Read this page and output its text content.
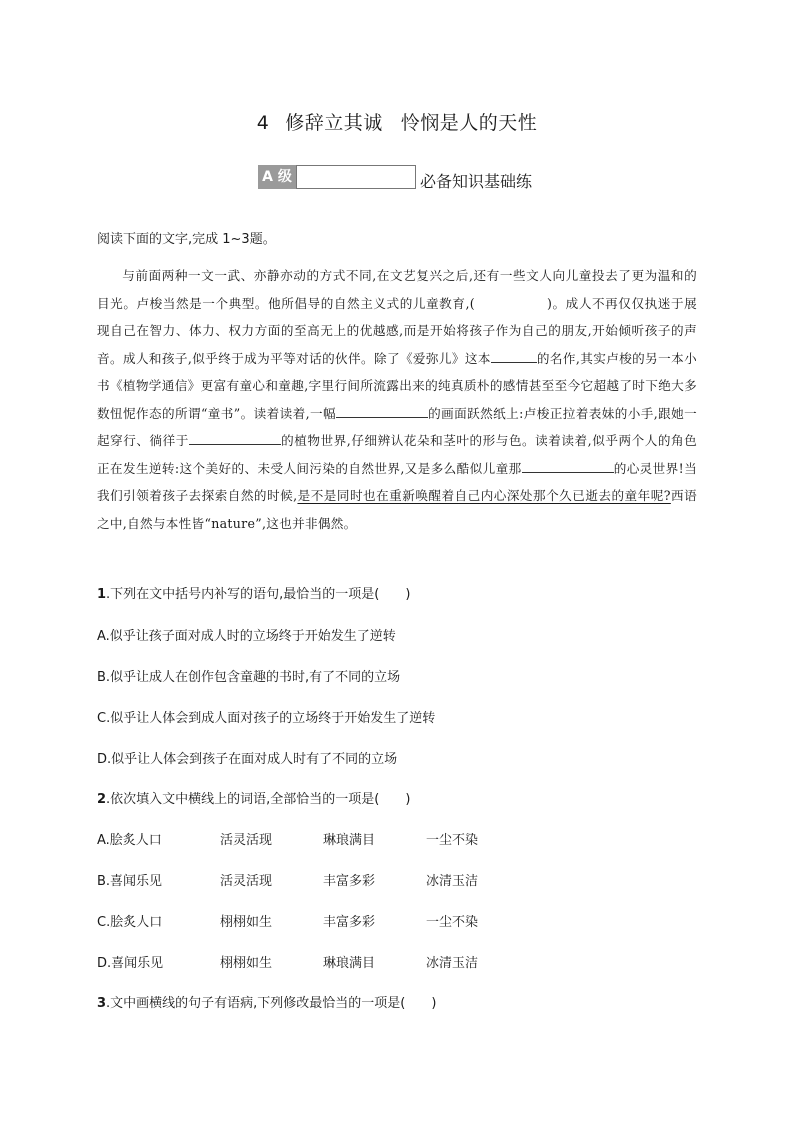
4 修辞立其诚 怜悯是人的天性
A 级	必备知识基础练
阅读下面的文字,完成 1~3题。
与前面两种一文一武、亦静亦动的方式不同,在文艺复兴之后,还有一些文人向儿童投去了更为温和的目光。卢梭当然是一个典型。他所倡导的自然主义式的儿童教育,(	)。成人不再仅仅执迷于展现自己在智力、体力、权力方面的至高无上的优越感,而是开始将孩子作为自己的朋友,开始倾听孩子的声音。成人和孩子,似乎终于成为平等对话的伙伴。除了《爱弥儿》这本	的名作,其实卢梭的另一本小书《植物学通信》更富有童心和童趣,字里行间所流露出来的纯真质朴的感情甚至至今它超越了时下绝大多数忸怩作态的所谓“童书”。读着读着,一幅	的画面跃然纸上:卢梭正拉着表妹的小手,跟她一起穿行、徜徉于	的植物世界,仔细辨认花朵和茎叶的形与色。读着读着,似乎两个人的角色正在发生逆转:这个美好的、未受人间污染的自然世界,又是多么酷似儿童那	的心灵世界!当我们引领着孩子去探索自然的时候,是不是同时也在重新唤醒着自己内心深处那个久已逝去的童年呢?西语之中,自然与本性皆“nature”,这也并非偶然。
1.下列在文中括号内补写的语句,最恰当的一项是( )
A.似乎让孩子面对成人时的立场终于开始发生了逆转
B.似乎让成人在创作包含童趣的书时,有了不同的立场
C.似乎让人体会到成人面对孩子的立场终于开始发生了逆转
D.似乎让人体会到孩子在面对成人时有了不同的立场
2.依次填入文中横线上的词语,全部恰当的一项是( )
A.脍炙人口	活灵活现	琳琅满目	一尘不染
B.喜闻乐见	活灵活现	丰富多彩	冰清玉洁
C.脍炙人口	栩栩如生	丰富多彩	一尘不染
D.喜闻乐见	栩栩如生	琳琅满目	冰清玉洁
3.文中画横线的句子有语病,下列修改最恰当的一项是( )
